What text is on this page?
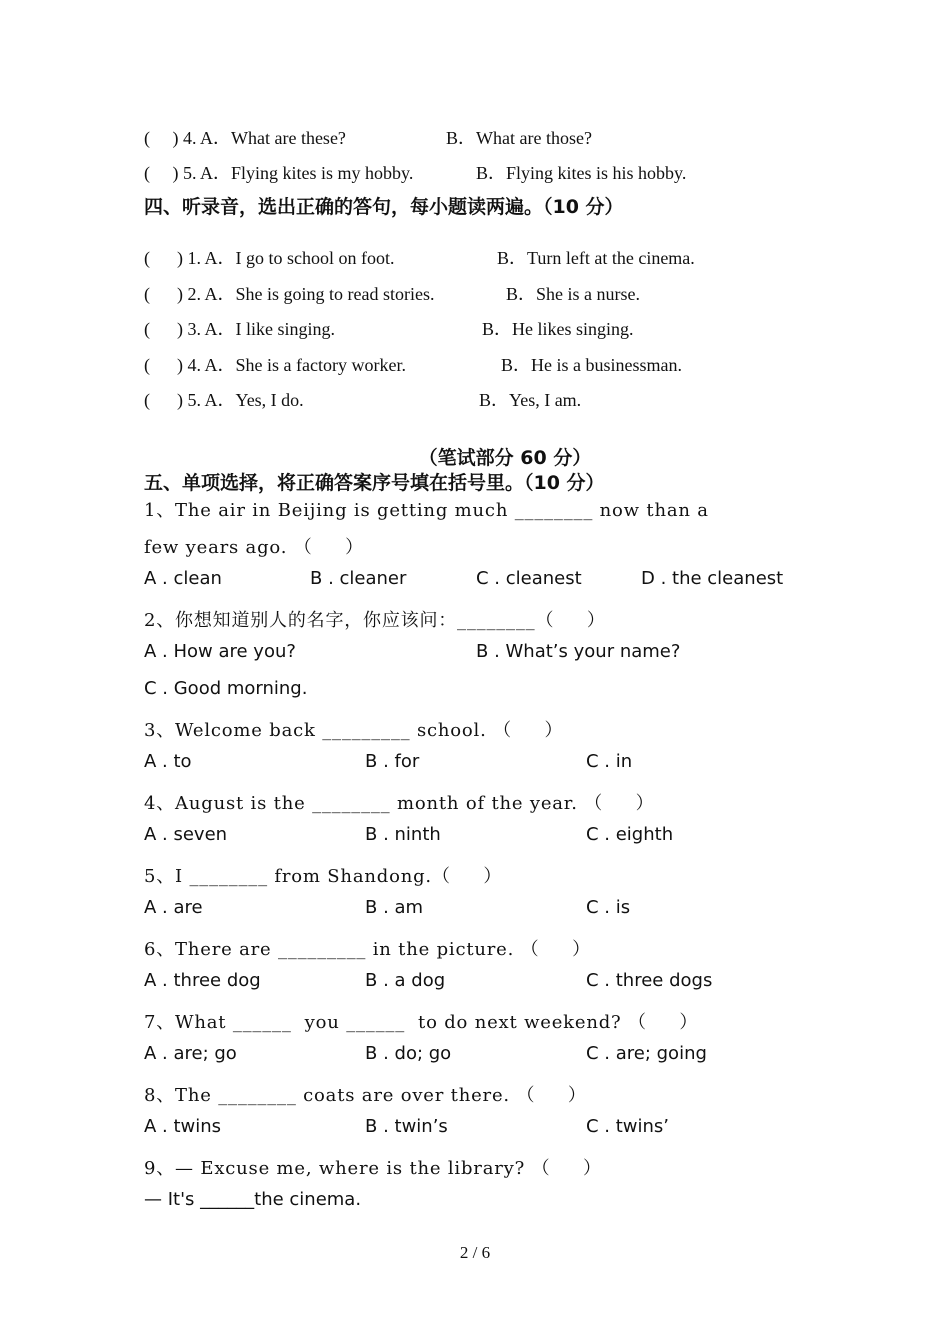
(     ) 4. A．What are these?	B．What are those?
(     ) 5. A．Flying kites is my hobby.	B．Flying kites is his hobby.
四、听录音，选出正确的答句，每小题读两遍。（10 分）
(      ) 1. A．I go to school on foot.	B．Turn left at the cinema.
(      ) 2. A．She is going to read stories.	B．She is a nurse.
(      ) 3. A．I like singing.	B．He likes singing.
(      ) 4. A．She is a factory worker.	B．He is a businessman.
(      ) 5. A．Yes, I do.	B．Yes, I am.
（笔试部分 60 分）
五、单项选择，将正确答案序号填在括号里。（10 分）
1、The air in Beijing is getting much ________ now than a
few years ago. （     ）
A . clean	B . cleaner	C . cleanest	D . the cleanest
2、你想知道别人的名字，你应该问：________（     ）
A . How are you?	B . What’s your name?
C . Good morning.
3、Welcome back _________ school. （     ）
A . to	B . for	C . in
4、August is the ________ month of the year. （     ）
A . seven	B . ninth	C . eighth
5、I ________ from Shandong.（     ）
A . are	B . am	C . is
6、There are _________ in the picture. （     ）
A . three dog	B . a dog	C . three dogs
7、What ______  you ______  to do next weekend? （     ）
A . are; go	B . do; go	C . are; going
8、The ________ coats are over there. （     ）
A . twins	B . twin’s	C . twins’
9、— Excuse me, where is the library? （     ）
— It's ______the cinema.
2 / 6
